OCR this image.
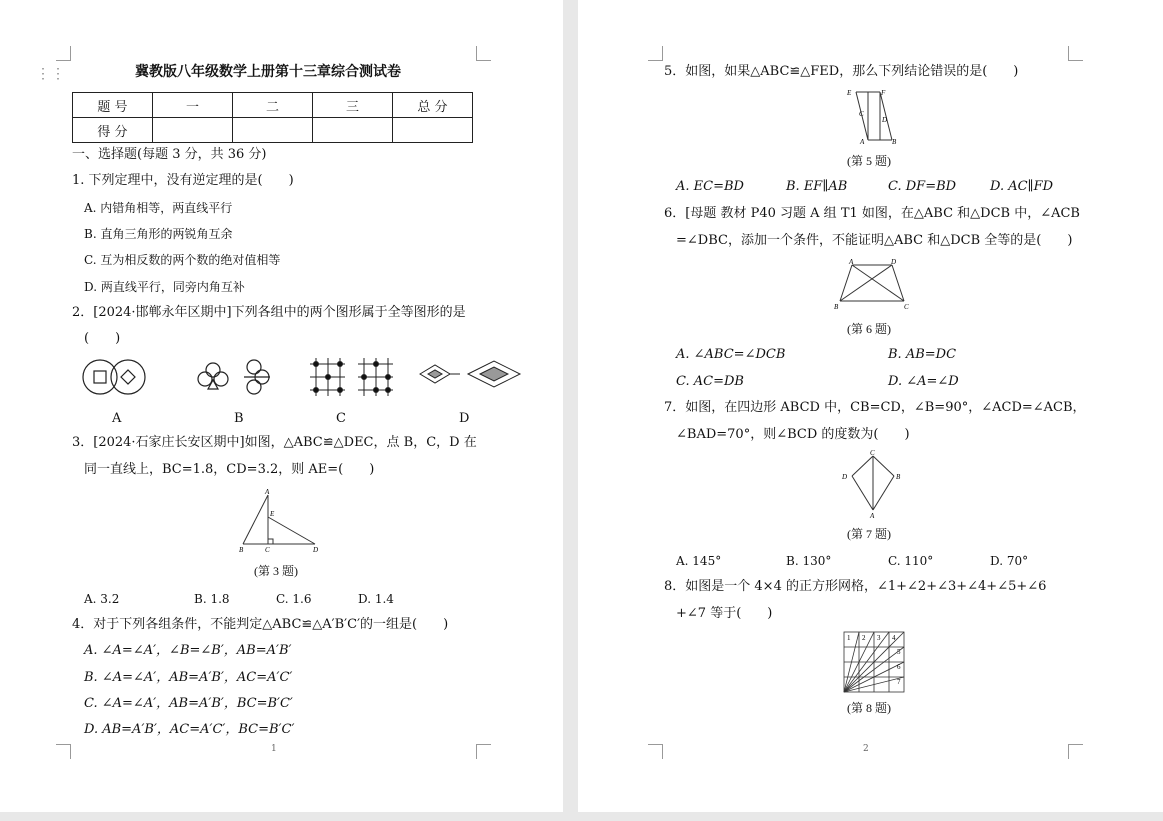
⋮⋮	冀教版八年级数学上册第十三章综合测试卷
题 号	一	二	三	总 分
得 分				
一、选择题(每题 3 分，共 36 分)
1. 下列定理中，没有逆定理的是(　　)
A. 内错角相等，两直线平行
B. 直角三角形的两锐角互余
C. 互为相反数的两个数的绝对值相等
D. 两直线平行，同旁内角互补
2．[2024·邯郸永年区期中]下列各组中的两个图形属于全等图形的是
(　　)
A	B	C	D
3．[2024·石家庄长安区期中]如图，△ABC≌△DEC，点 B，C，D 在
同一直线上，BC=1.8，CD=3.2，则 AE=(　　)
A
E
B	C	D
(第 3 题)
A. 3.2	B. 1.8	C. 1.6	D. 1.4
4．对于下列各组条件，不能判定△ABC≌△A′B′C′的一组是(　　)
A. ∠A=∠A′，∠B=∠B′，AB=A′B′
B. ∠A=∠A′，AB=A′B′，AC=A′C′
C. ∠A=∠A′，AB=A′B′，BC=B′C′
D. AB=A′B′，AC=A′C′，BC=B′C′
1
5．如图，如果△ABC≌△FED，那么下列结论错误的是(　　)
E	F
C
D
A	B
(第 5 题)
A. EC=BD	B. EF∥AB	C. DF=BD	D. AC∥FD
6．[母题 教材 P40 习题 A 组 T1 如图，在△ABC 和△DCB 中，∠ACB
=∠DBC，添加一个条件，不能证明△ABC 和△DCB 全等的是(　　)
A	D
B	C
(第 6 题)
A. ∠ABC=∠DCB	B. AB=DC
C. AC=DB	D. ∠A=∠D
7．如图，在四边形 ABCD 中，CB=CD，∠B=90°，∠ACD=∠ACB，
∠BAD=70°，则∠BCD 的度数为(　　)
C
D	B
A
(第 7 题)
A. 145°	B. 130°	C. 110°	D. 70°
8．如图是一个 4×4 的正方形网格，∠1+∠2+∠3+∠4+∠5+∠6
+∠7 等于(　　)
1 2 3 4
5
6
7
(第 8 题)
2
